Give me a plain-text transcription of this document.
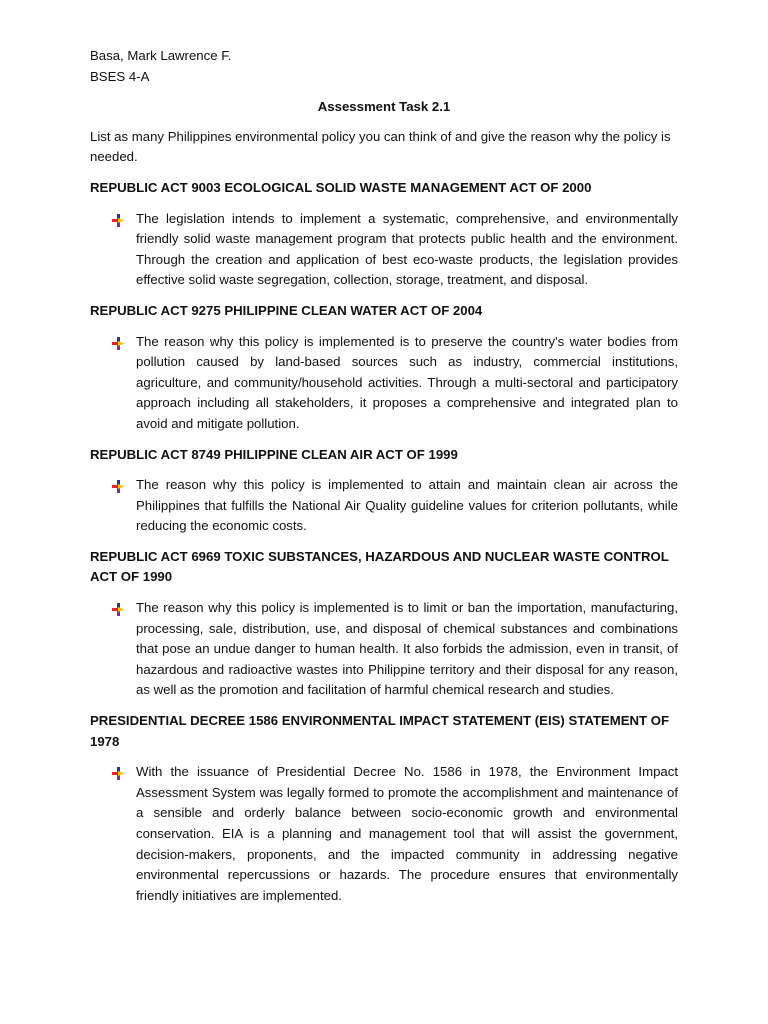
Basa, Mark Lawrence F.

BSES 4-A

Assessment Task 2.1

List as many Philippines environmental policy you can think of and give the reason why the policy is needed.

REPUBLIC ACT 9003 ECOLOGICAL SOLID WASTE MANAGEMENT ACT OF 2000

The legislation intends to implement a systematic, comprehensive, and environmentally friendly solid waste management program that protects public health and the environment. Through the creation and application of best eco-waste products, the legislation provides effective solid waste segregation, collection, storage, treatment, and disposal.

REPUBLIC ACT 9275 PHILIPPINE CLEAN WATER ACT OF 2004

The reason why this policy is implemented is to preserve the country's water bodies from pollution caused by land-based sources such as industry, commercial institutions, agriculture, and community/household activities. Through a multi-sectoral and participatory approach including all stakeholders, it proposes a comprehensive and integrated plan to avoid and mitigate pollution.

REPUBLIC ACT 8749 PHILIPPINE CLEAN AIR ACT OF 1999

The reason why this policy is implemented to attain and maintain clean air across the Philippines that fulfills the National Air Quality guideline values for criterion pollutants, while reducing the economic costs.

REPUBLIC ACT 6969 TOXIC SUBSTANCES, HAZARDOUS AND NUCLEAR WASTE CONTROL ACT OF 1990

The reason why this policy is implemented is to limit or ban the importation, manufacturing, processing, sale, distribution, use, and disposal of chemical substances and combinations that pose an undue danger to human health. It also forbids the admission, even in transit, of hazardous and radioactive wastes into Philippine territory and their disposal for any reason, as well as the promotion and facilitation of harmful chemical research and studies.

PRESIDENTIAL DECREE 1586 ENVIRONMENTAL IMPACT STATEMENT (EIS) STATEMENT OF 1978

With the issuance of Presidential Decree No. 1586 in 1978, the Environment Impact Assessment System was legally formed to promote the accomplishment and maintenance of a sensible and orderly balance between socio-economic growth and environmental conservation. EIA is a planning and management tool that will assist the government, decision-makers, proponents, and the impacted community in addressing negative environmental repercussions or hazards. The procedure ensures that environmentally friendly initiatives are implemented.
